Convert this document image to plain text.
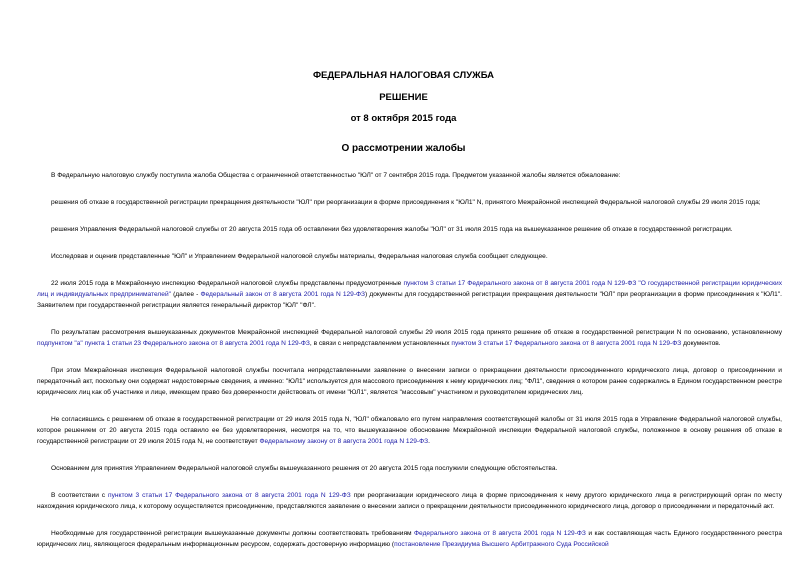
ФЕДЕРАЛЬНАЯ НАЛОГОВАЯ СЛУЖБА
РЕШЕНИЕ
от 8 октября 2015 года
О рассмотрении жалобы

В Федеральную налоговую службу поступила жалоба Общества с ограниченной ответственностью "ЮЛ" от 7 сентября 2015 года. Предметом указанной жалобы является обжалование:

решения об отказе в государственной регистрации прекращения деятельности "ЮЛ" при реорганизации в форме присоединения к "ЮЛ1" N, принятого Межрайонной инспекцией Федеральной налоговой службы 29 июля 2015 года;

решения Управления Федеральной налоговой службы от 20 августа 2015 года об оставлении без удовлетворения жалобы "ЮЛ" от 31 июля 2015 года на вышеуказанное решение об отказе в государственной регистрации.

Исследовав и оценив представленные "ЮЛ" и Управлением Федеральной налоговой службы материалы, Федеральная налоговая служба сообщает следующее.

22 июля 2015 года в Межрайонную инспекцию Федеральной налоговой службы представлены предусмотренные пунктом 3 статьи 17 Федерального закона от 8 августа 2001 года N 129-ФЗ "О государственной регистрации юридических лиц и индивидуальных предпринимателей" (далее - Федеральный закон от 8 августа 2001 года N 129-ФЗ) документы для государственной регистрации прекращения деятельности "ЮЛ" при реорганизации в форме присоединения к "ЮЛ1". Заявителем при государственной регистрации является генеральный директор "ЮЛ" "ФЛ".

По результатам рассмотрения вышеуказанных документов Межрайонной инспекцией Федеральной налоговой службы 29 июля 2015 года принято решение об отказе в государственной регистрации N по основанию, установленному подпунктом "а" пункта 1 статьи 23 Федерального закона от 8 августа 2001 года N 129-ФЗ, в связи с непредставлением установленных пунктом 3 статьи 17 Федерального закона от 8 августа 2001 года N 129-ФЗ документов.

При этом Межрайонная инспекция Федеральной налоговой службы посчитала непредставленными заявление о внесении записи о прекращении деятельности присоединенного юридического лица, договор о присоединении и передаточный акт, поскольку они содержат недостоверные сведения, а именно: "ЮЛ1" используется для массового присоединения к нему юридических лиц; "ФЛ1", сведения о котором ранее содержались в Едином государственном реестре юридических лиц как об участнике и лице, имеющем право без доверенности действовать от имени "ЮЛ1", является "массовым" участником и руководителем юридических лиц.

Не согласившись с решением об отказе в государственной регистрации от 29 июля 2015 года N, "ЮЛ" обжаловало его путем направления соответствующей жалобы от 31 июля 2015 года в Управление Федеральной налоговой службы, которое решением от 20 августа 2015 года оставило ее без удовлетворения, несмотря на то, что вышеуказанное обоснование Межрайонной инспекции Федеральной налоговой службы, положенное в основу решения об отказе в государственной регистрации от 29 июля 2015 года N, не соответствует Федеральному закону от 8 августа 2001 года N 129-ФЗ.

Основанием для принятия Управлением Федеральной налоговой службы вышеуказанного решения от 20 августа 2015 года послужили следующие обстоятельства.

В соответствии с пунктом 3 статьи 17 Федерального закона от 8 августа 2001 года N 129-ФЗ при реорганизации юридического лица в форме присоединения к нему другого юридического лица в регистрирующий орган по месту нахождения юридического лица, к которому осуществляется присоединение, представляются заявление о внесении записи о прекращении деятельности присоединенного юридического лица, договор о присоединении и передаточный акт.

Необходимые для государственной регистрации вышеуказанные документы должны соответствовать требованиям Федерального закона от 8 августа 2001 года N 129-ФЗ и как составляющая часть Единого государственного реестра юридических лиц, являющегося федеральным информационным ресурсом, содержать достоверную информацию (постановление Президиума Высшего Арбитражного Суда Российской
